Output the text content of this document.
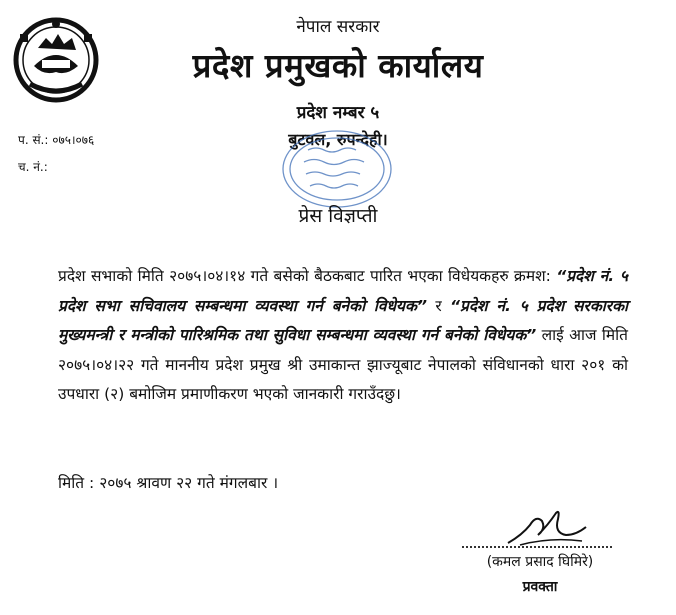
नेपाल सरकार
प्रदेश प्रमुखको कार्यालय
प्रदेश नम्बर ५
बुटवल, रुपन्देही।
प. सं.: ०७५।०७६
च. नं.:
प्रेस विज्ञप्ती
प्रदेश सभाको मिति २०७५।०४।१४ गते बसेको बैठकबाट पारित भएका विधेयकहरु क्रमश: “प्रदेश नं. ५ प्रदेश सभा सचिवालय सम्बन्धमा व्यवस्था गर्न बनेको विधेयक” र “प्रदेश नं. ५ प्रदेश सरकारका मुख्यमन्त्री र मन्त्रीको पारिश्रमिक तथा सुविधा सम्बन्धमा व्यवस्था गर्न बनेको विधेयक” लाई आज मिति २०७५।०४।२२ गते माननीय प्रदेश प्रमुख श्री उमाकान्त झाज्यूबाट नेपालको संविधानको धारा २०१ को उपधारा (२) बमोजिम प्रमाणीकरण भएको जानकारी गराउँदछु।
मिति : २०७५ श्रावण २२ गते मंगलबार ।
(कमल प्रसाद घिमिरे)
प्रवक्ता
